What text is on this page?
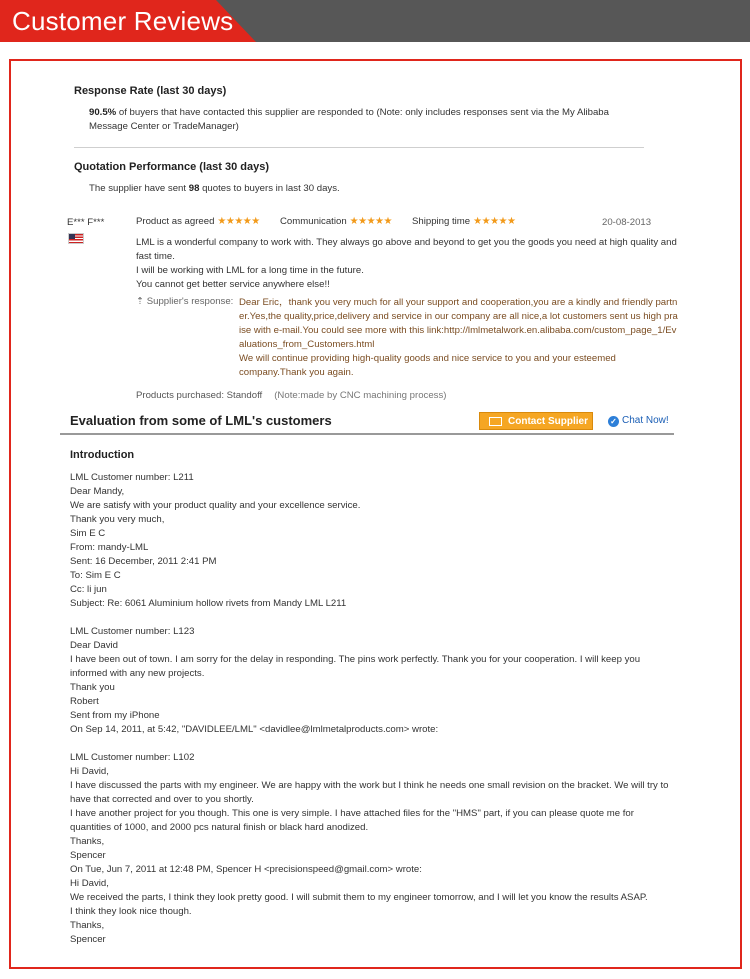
Customer Reviews
Response Rate (last 30 days)
90.5% of buyers that have contacted this supplier are responded to (Note: only includes responses sent via the My Alibaba Message Center or TradeManager)
Quotation Performance (last 30 days)
The supplier have sent 98 quotes to buyers in last 30 days.
E*** F***	Product as agreed ★★★★★ Communication ★★★★★ Shipping time ★★★★★	20-08-2013
LML is a wonderful company to work with. They always go above and beyond to get you the goods you need at high quality and fast time.
I will be working with LML for a long time in the future.
You cannot get better service anywhere else!!
⇡ Supplier's response: Dear Eric，thank you very much for all your support and cooperation,you are a kindly and friendly partner.Yes,the quality,price,delivery and service in our company are all nice,a lot customers sent us high praise with e-mail.You could see more with this link:http://lmlmetalwork.en.alibaba.com/custom_page_1/Evaluations_from_Customers.html
We will continue providing high-quality goods and nice service to you and your esteemed company.Thank you again.
Products purchased: Standoff (Note:made by CNC machining process)
Evaluation from some of LML's customers	Contact Supplier	✓ Chat Now!
Introduction

LML Customer number: L211

Dear Mandy,

We are satisfy with your product quality and your excellence service.

Thank you very much,

Sim E C

From: mandy-LML

Sent: 16 December, 2011 2:41 PM

To: Sim E C

Cc: li jun

Subject: Re: 6061 Aluminium hollow rivets from Mandy LML L211

LML Customer number: L123

Dear David

I have been out of town. I am sorry for the delay in responding. The pins work perfectly. Thank you for your cooperation. I will keep you informed with any new projects.

Thank you

Robert

Sent from my iPhone

On Sep 14, 2011, at 5:42, "DAVIDLEE/LML" <davidlee@lmlmetalproducts.com> wrote:

LML Customer number: L102

Hi David,

I have discussed the parts with my engineer. We are happy with the work but I think he needs one small revision on the bracket. We will try to have that corrected and over to you shortly.

I have another project for you though. This one is very simple. I have attached files for the "HMS" part, if you can please quote me for quantities of 1000, and 2000 pcs natural finish or black hard anodized.

Thanks,

Spencer

On Tue, Jun 7, 2011 at 12:48 PM, Spencer H <precisionspeed@gmail.com> wrote:

Hi David,

We received the parts, I think they look pretty good. I will submit them to my engineer tomorrow, and I will let you know the results ASAP.

I think they look nice though.

Thanks,

Spencer
